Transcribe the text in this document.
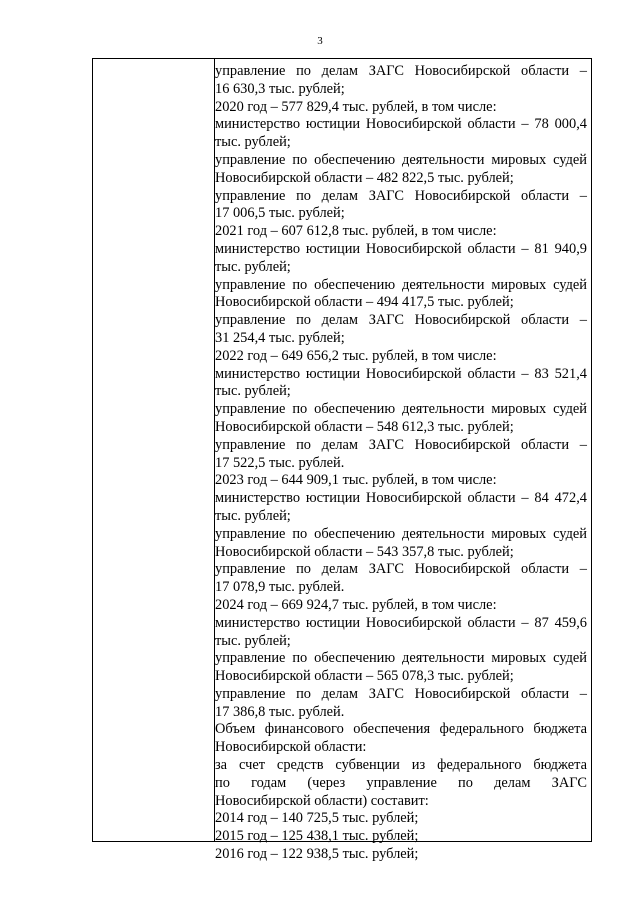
3

управление по делам ЗАГС Новосибирской области –

16 630,3 тыс. рублей;

2020 год – 577 829,4 тыс. рублей, в том числе:

министерство юстиции Новосибирской области – 78 000,4

тыс. рублей;

управление по обеспечению деятельности мировых судей

Новосибирской области – 482 822,5 тыс. рублей;

управление по делам ЗАГС Новосибирской области –

17 006,5 тыс. рублей;

2021 год – 607 612,8 тыс. рублей, в том числе:

министерство юстиции Новосибирской области – 81 940,9

тыс. рублей;

управление по обеспечению деятельности мировых судей

Новосибирской области – 494 417,5 тыс. рублей;

управление по делам ЗАГС Новосибирской области –

31 254,4 тыс. рублей;

2022 год – 649 656,2 тыс. рублей, в том числе:

министерство юстиции Новосибирской области – 83 521,4

тыс. рублей;

управление по обеспечению деятельности мировых судей

Новосибирской области – 548 612,3 тыс. рублей;

управление по делам ЗАГС Новосибирской области –

17 522,5 тыс. рублей.

2023 год – 644 909,1 тыс. рублей, в том числе:

министерство юстиции Новосибирской области – 84 472,4

тыс. рублей;

управление по обеспечению деятельности мировых судей

Новосибирской области – 543 357,8 тыс. рублей;

управление по делам ЗАГС Новосибирской области –

17 078,9 тыс. рублей.

2024 год – 669 924,7 тыс. рублей, в том числе:

министерство юстиции Новосибирской области – 87 459,6

тыс. рублей;

управление по обеспечению деятельности мировых судей

Новосибирской области – 565 078,3 тыс. рублей;

управление по делам ЗАГС Новосибирской области –

17 386,8 тыс. рублей.

Объем финансового обеспечения федерального бюджета

Новосибирской области:

за счет средств субвенции из федерального бюджета

по годам (через управление по делам ЗАГС

Новосибирской области) составит:

2014 год – 140 725,5 тыс. рублей;

2015 год – 125 438,1 тыс. рублей;

2016 год – 122 938,5 тыс. рублей;
